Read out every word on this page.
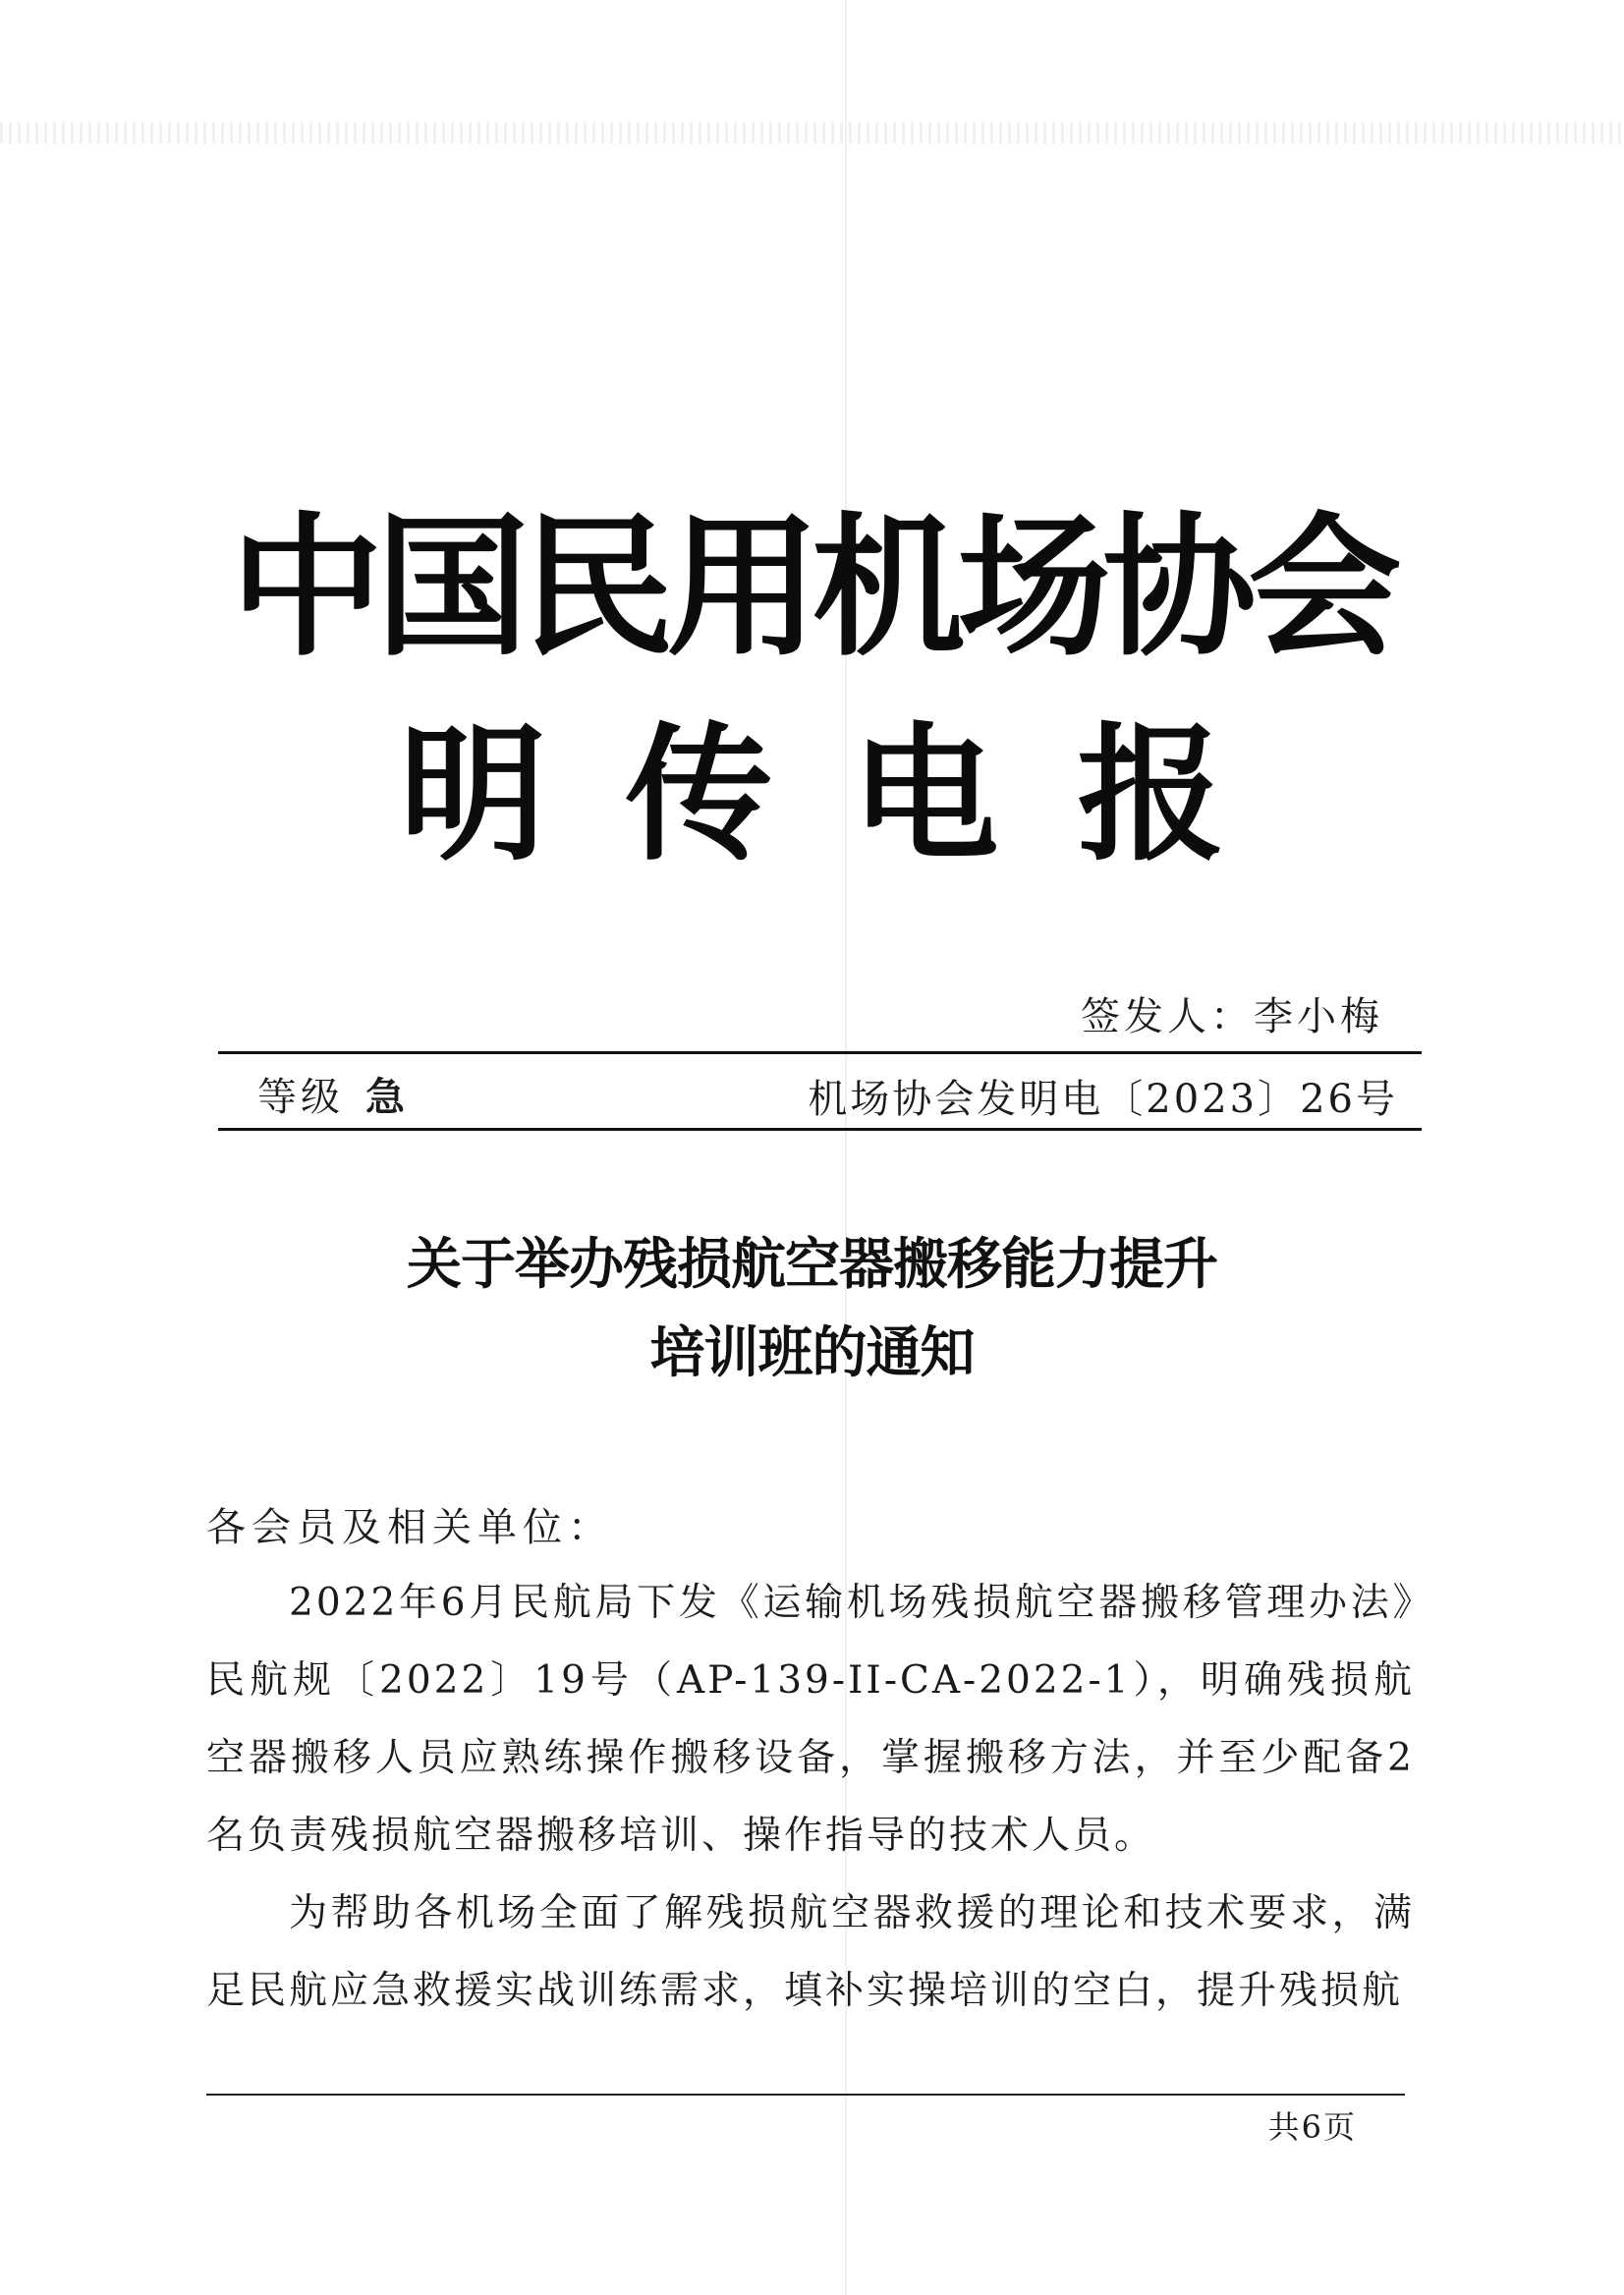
中国民用机场协会
明传电报
签发人：李小梅
等级 急	机场协会发明电〔2023〕26号
关于举办残损航空器搬移能力提升
培训班的通知
各会员及相关单位：

2022年6月民航局下发《运输机场残损航空器搬移管理办法》民航规〔2022〕19号（AP-139-II-CA-2022-1），明确残损航空器搬移人员应熟练操作搬移设备，掌握搬移方法，并至少配备2名负责残损航空器搬移培训、操作指导的技术人员。

为帮助各机场全面了解残损航空器救援的理论和技术要求，满足民航应急救援实战训练需求，填补实操培训的空白，提升残损航

共6页
